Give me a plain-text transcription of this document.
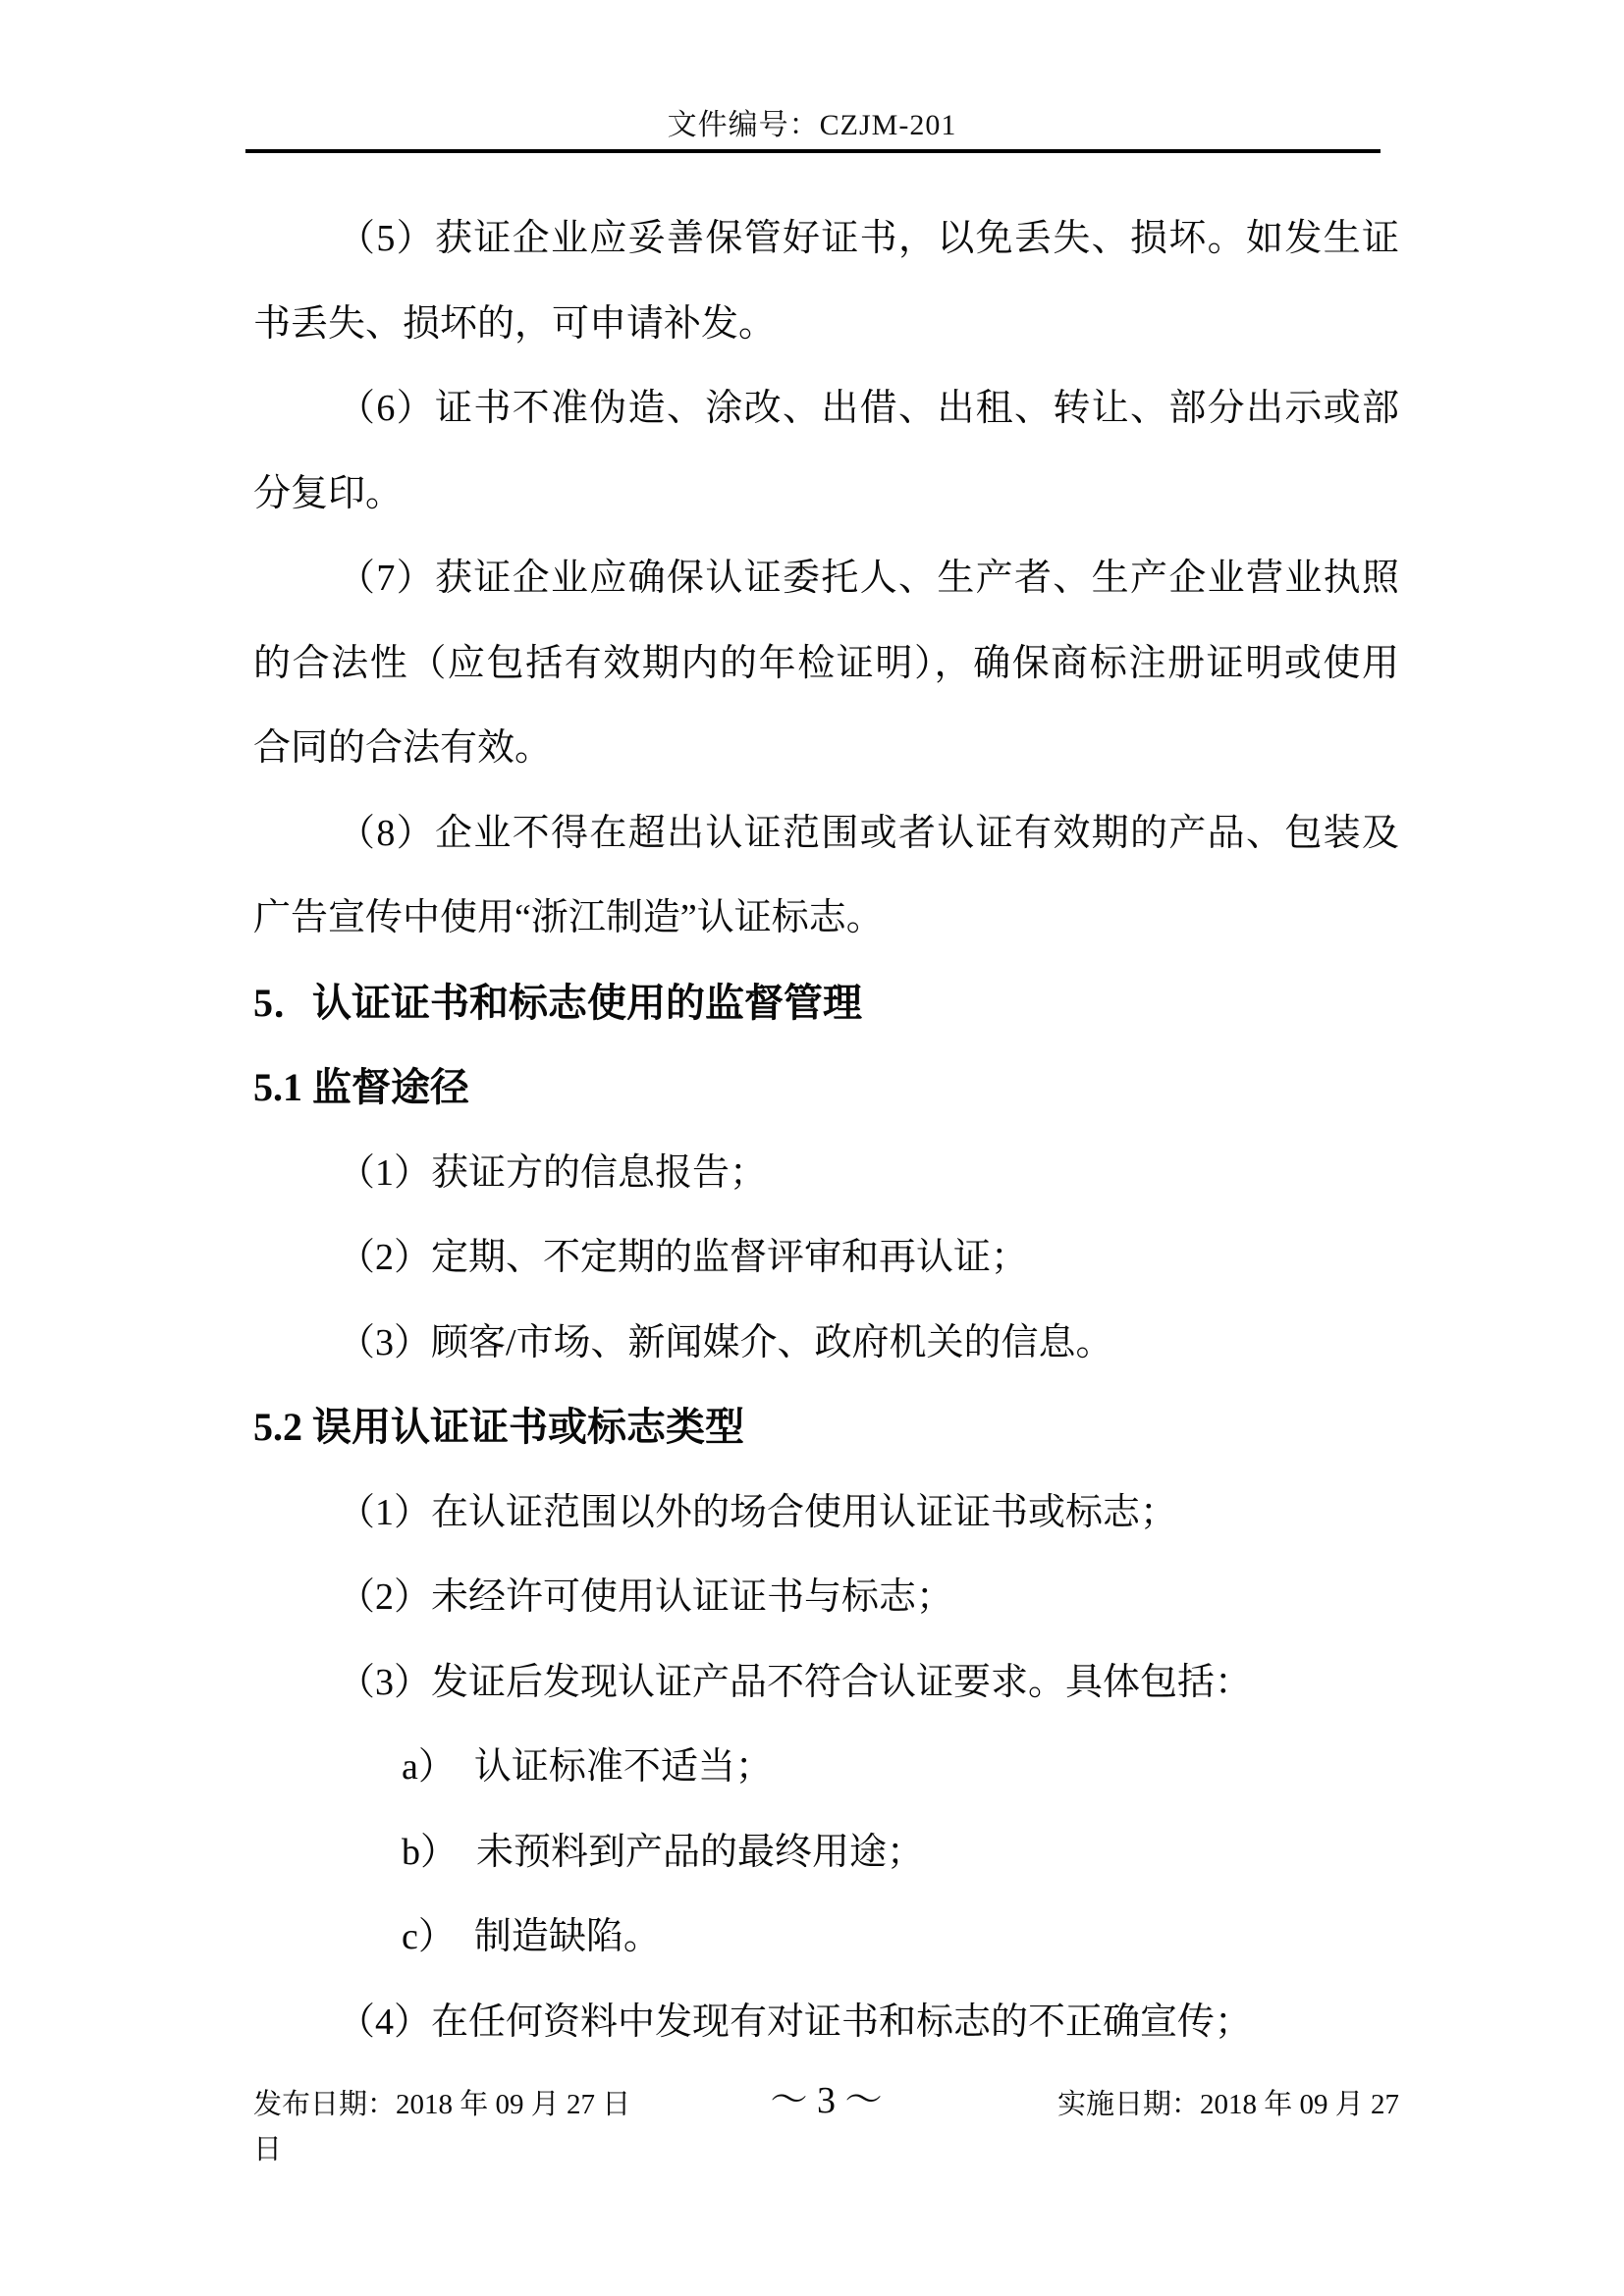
文件编号：CZJM-201
（5）获证企业应妥善保管好证书，以免丢失、损坏。如发生证
书丢失、损坏的，可申请补发。
（6）证书不准伪造、涂改、出借、出租、转让、部分出示或部
分复印。
（7）获证企业应确保认证委托人、生产者、生产企业营业执照
的合法性（应包括有效期内的年检证明），确保商标注册证明或使用
合同的合法有效。
（8）企业不得在超出认证范围或者认证有效期的产品、包装及
广告宣传中使用“浙江制造”认证标志。
5．认证证书和标志使用的监督管理
5.1 监督途径
（1）获证方的信息报告；
（2）定期、不定期的监督评审和再认证；
（3）顾客/市场、新闻媒介、政府机关的信息。
5.2 误用认证证书或标志类型
（1）在认证范围以外的场合使用认证证书或标志；
（2）未经许可使用认证证书与标志；
（3）发证后发现认证产品不符合认证要求。具体包括：
a）　认证标准不适当；
b）　未预料到产品的最终用途；
c）　制造缺陷。
（4）在任何资料中发现有对证书和标志的不正确宣传；
发布日期：2018 年 09 月 27 日	～ 3 ～	实施日期：2018 年 09 月 27
日
